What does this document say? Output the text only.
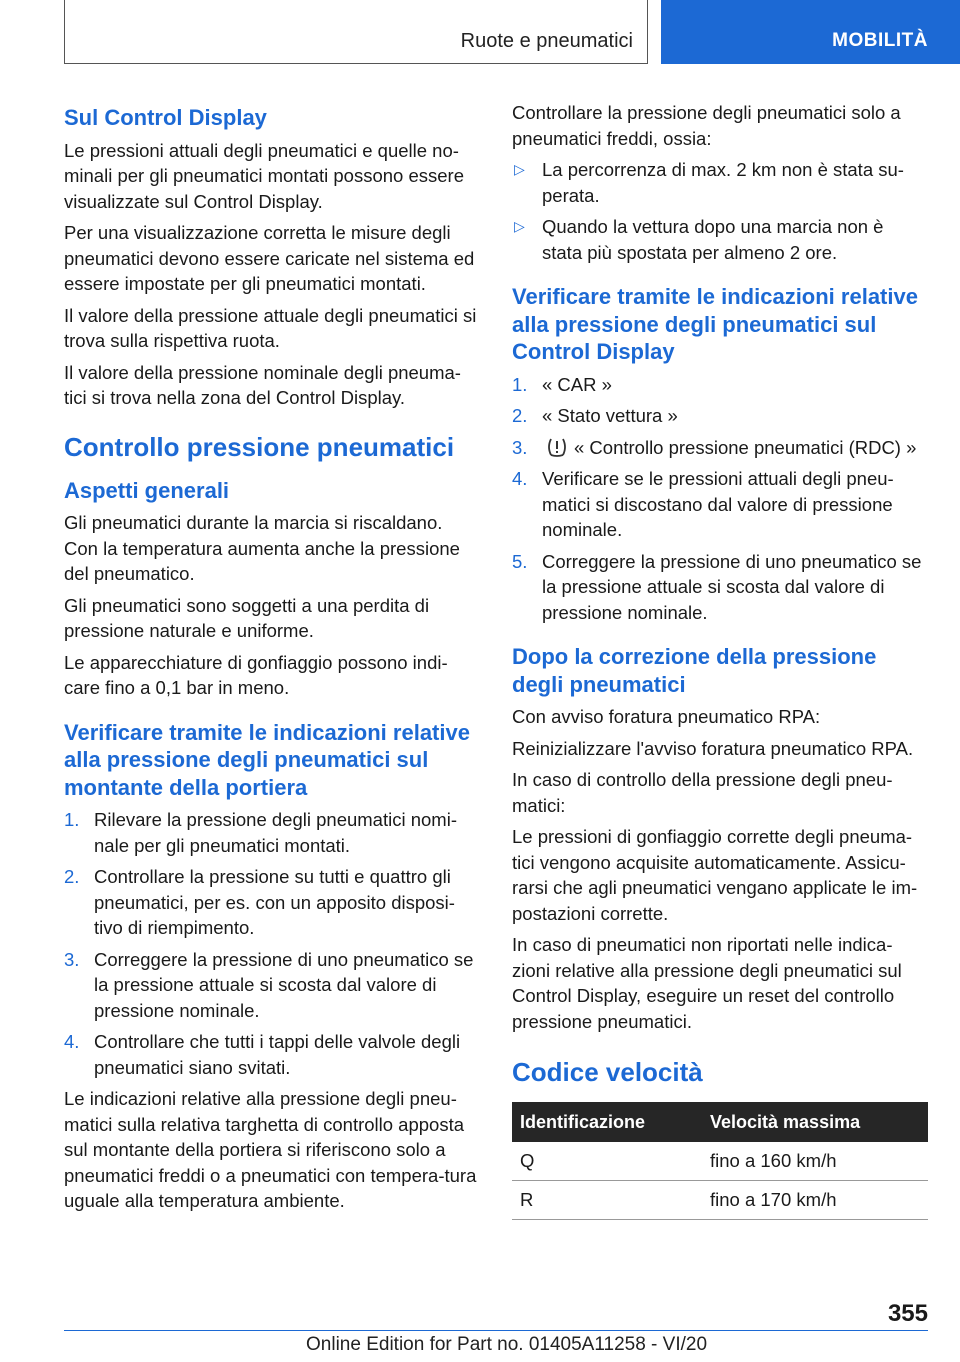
Ruote e pneumatici	MOBILITÀ
Sul Control Display

Le pressioni attuali degli pneumatici e quelle no-minali per gli pneumatici montati possono essere visualizzate sul Control Display.

Per una visualizzazione corretta le misure degli pneumatici devono essere caricate nel sistema ed essere impostate per gli pneumatici montati.

Il valore della pressione attuale degli pneumatici si trova sulla rispettiva ruota.

Il valore della pressione nominale degli pneuma-tici si trova nella zona del Control Display.

Controllo pressione pneumatici
Aspetti generali

Gli pneumatici durante la marcia si riscaldano. Con la temperatura aumenta anche la pressione del pneumatico.

Gli pneumatici sono soggetti a una perdita di pressione naturale e uniforme.

Le apparecchiature di gonfiaggio possono indi-care fino a 0,1 bar in meno.

Verificare tramite le indicazioni relative alla pressione degli pneumatici sul montante della portiera
1. Rilevare la pressione degli pneumatici nomi-nale per gli pneumatici montati.
2. Controllare la pressione su tutti e quattro gli pneumatici, per es. con un apposito disposi-tivo di riempimento.
3. Correggere la pressione di uno pneumatico se la pressione attuale si scosta dal valore di pressione nominale.
4. Controllare che tutti i tappi delle valvole degli pneumatici siano svitati.

Le indicazioni relative alla pressione degli pneu-matici sulla relativa targhetta di controllo apposta sul montante della portiera si riferiscono solo a pneumatici freddi o a pneumatici con tempera-tura uguale alla temperatura ambiente.

Controllare la pressione degli pneumatici solo a pneumatici freddi, ossia:

▷ La percorrenza di max. 2 km non è stata su-perata.
▷ Quando la vettura dopo una marcia non è stata più spostata per almeno 2 ore.
Verificare tramite le indicazioni relative alla pressione degli pneumatici sul Control Display
1. « CAR »
2. « Stato vettura »
3.	« Controllo pressione pneumatici (RDC) »
4. Verificare se le pressioni attuali degli pneu-matici si discostano dal valore di pressione nominale.
5. Correggere la pressione di uno pneumatico se la pressione attuale si scosta dal valore di pressione nominale.
Dopo la correzione della pressione degli pneumatici

Con avviso foratura pneumatico RPA:

Reinizializzare l'avviso foratura pneumatico RPA.

In caso di controllo della pressione degli pneu-matici:

Le pressioni di gonfiaggio corrette degli pneuma-tici vengono acquisite automaticamente. Assicu-rarsi che agli pneumatici vengano applicate le im-postazioni corrette.

In caso di pneumatici non riportati nelle indica-zioni relative alla pressione degli pneumatici sul Control Display, eseguire un reset del controllo pressione pneumatici.

Codice velocità
Identificazione	Velocità massima
Q	fino a 160 km/h
R	fino a 170 km/h
355
Online Edition for Part no. 01405A11258 - VI/20
